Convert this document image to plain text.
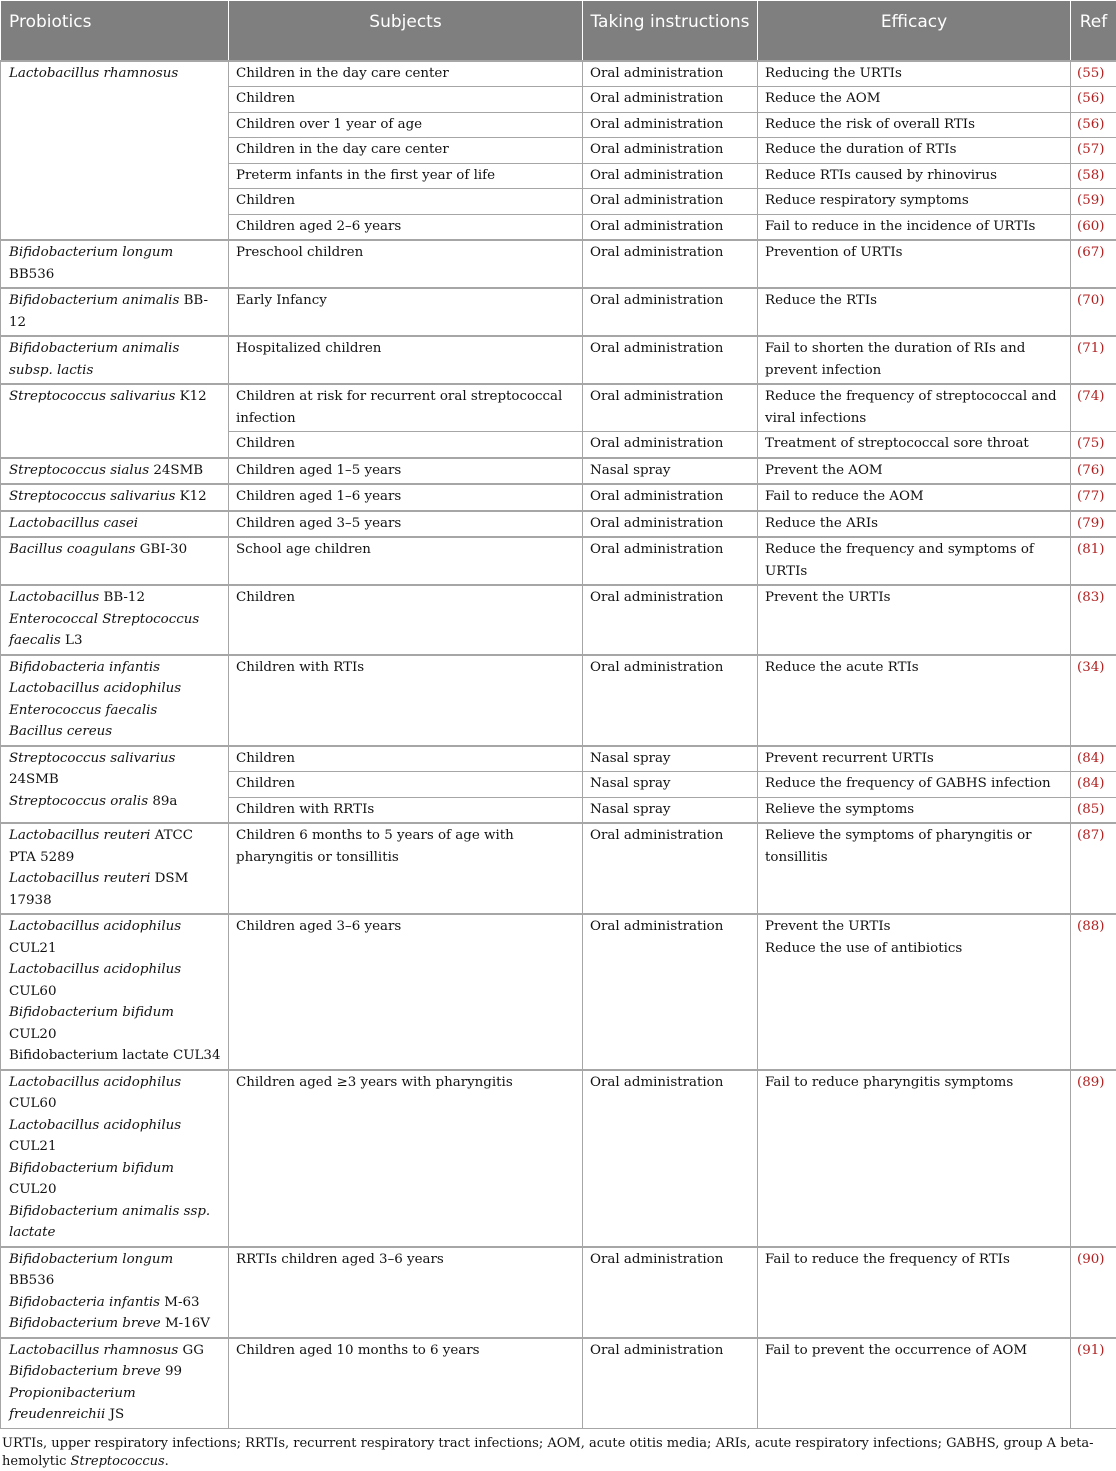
Probiotics	Subjects	Taking instructions	Efficacy	Ref

Lactobacillus rhamnosus	Children in the day care center	Oral administration	Reducing the URTIs	(55)
	Children	Oral administration	Reduce the AOM	(56)
	Children over 1 year of age	Oral administration	Reduce the risk of overall RTIs	(56)
	Children in the day care center	Oral administration	Reduce the duration of RTIs	(57)
	Preterm infants in the first year of life	Oral administration	Reduce RTIs caused by rhinovirus	(58)
	Children	Oral administration	Reduce respiratory symptoms	(59)
	Children aged 2–6 years	Oral administration	Fail to reduce in the incidence of URTIs	(60)

Bifidobacterium longum BB536	Preschool children	Oral administration	Prevention of URTIs	(67)

Bifidobacterium animalis BB-12	Early Infancy	Oral administration	Reduce the RTIs	(70)

Bifidobacterium animalis subsp. lactis	Hospitalized children	Oral administration	Fail to shorten the duration of RIs and prevent infection	(71)

Streptococcus salivarius K12	Children at risk for recurrent oral streptococcal infection	Oral administration	Reduce the frequency of streptococcal and viral infections	(74)
	Children	Oral administration	Treatment of streptococcal sore throat	(75)

Streptococcus sialus 24SMB	Children aged 1–5 years	Nasal spray	Prevent the AOM	(76)

Streptococcus salivarius K12	Children aged 1–6 years	Oral administration	Fail to reduce the AOM	(77)

Lactobacillus casei	Children aged 3–5 years	Oral administration	Reduce the ARIs	(79)

Bacillus coagulans GBI-30	School age children	Oral administration	Reduce the frequency and symptoms of URTIs	(81)

Lactobacillus BB-12
Enterococcal Streptococcus faecalis L3	Children	Oral administration	Prevent the URTIs	(83)

Bifidobacteria infantis
Lactobacillus acidophilus
Enterococcus faecalis
Bacillus cereus	Children with RTIs	Oral administration	Reduce the acute RTIs	(34)

Streptococcus salivarius 24SMB
Streptococcus oralis 89a	Children	Nasal spray	Prevent recurrent URTIs	(84)
	Children	Nasal spray	Reduce the frequency of GABHS infection	(84)
	Children with RRTIs	Nasal spray	Relieve the symptoms	(85)

Lactobacillus reuteri ATCC PTA 5289
Lactobacillus reuteri DSM 17938	Children 6 months to 5 years of age with pharyngitis or tonsillitis	Oral administration	Relieve the symptoms of pharyngitis or tonsillitis	(87)

Lactobacillus acidophilus CUL21
Lactobacillus acidophilus CUL60
Bifidobacterium bifidum CUL20
Bifidobacterium lactate CUL34	Children aged 3–6 years	Oral administration	Prevent the URTIs
Reduce the use of antibiotics	(88)

Lactobacillus acidophilus CUL60
Lactobacillus acidophilus CUL21
Bifidobacterium bifidum CUL20
Bifidobacterium animalis ssp. lactate	Children aged ≥3 years with pharyngitis	Oral administration	Fail to reduce pharyngitis symptoms	(89)

Bifidobacterium longum BB536
Bifidobacteria infantis M-63
Bifidobacterium breve M-16V	RRTIs children aged 3–6 years	Oral administration	Fail to reduce the frequency of RTIs	(90)

Lactobacillus rhamnosus GG
Bifidobacterium breve 99
Propionibacterium freudenreichii JS	Children aged 10 months to 6 years	Oral administration	Fail to prevent the occurrence of AOM	(91)
URTIs, upper respiratory infections; RRTIs, recurrent respiratory tract infections; AOM, acute otitis media; ARIs, acute respiratory infections; GABHS, group A beta-hemolytic Streptococcus.
